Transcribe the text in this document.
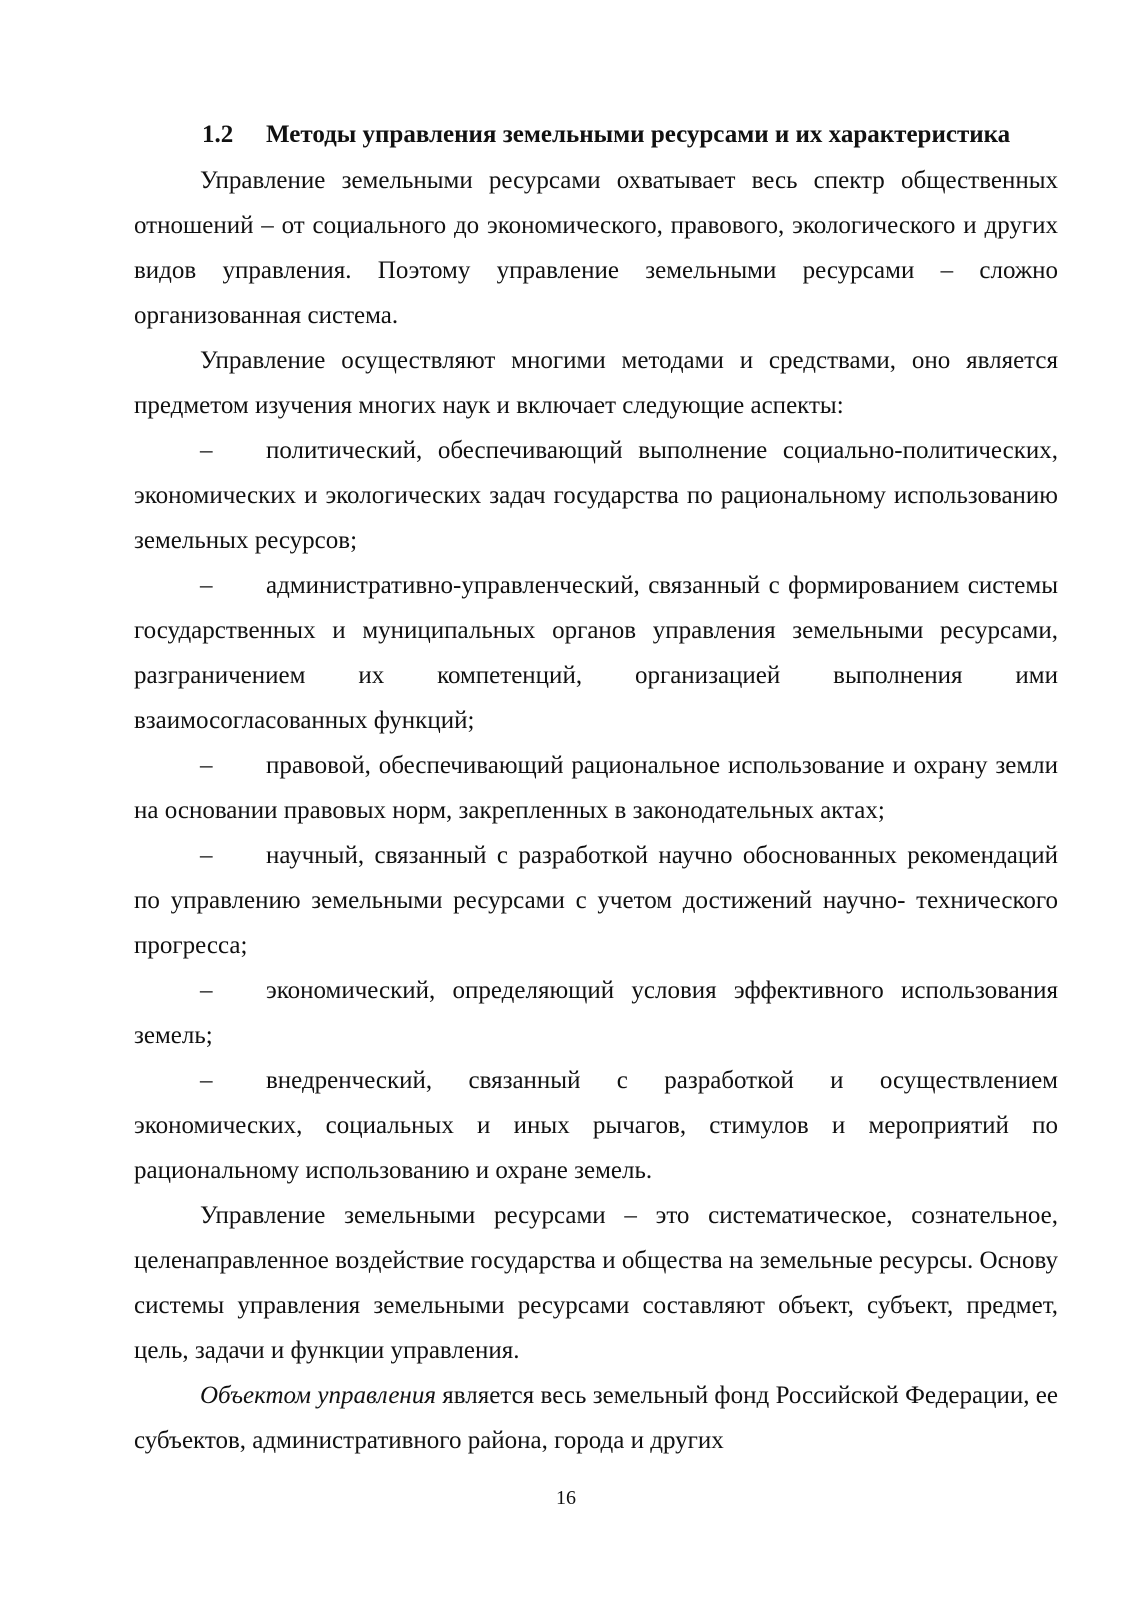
1.2 Методы управления земельными ресурсами и их характеристика

Управление земельными ресурсами охватывает весь спектр общественных отношений – от социального до экономического, правового, экологического и других видов управления. Поэтому управление земельными ресурсами – сложно организованная система.

Управление осуществляют многими методами и средствами, оно является предметом изучения многих наук и включает следующие аспекты:

– политический, обеспечивающий выполнение социально-политических, экономических и экологических задач государства по рациональному использованию земельных ресурсов;

– административно-управленческий, связанный с формированием системы государственных и муниципальных органов управления земельными ресурсами, разграничением их компетенций, организацией выполнения ими взаимосогласованных функций;

– правовой, обеспечивающий рациональное использование и охрану земли на основании правовых норм, закрепленных в законодательных актах;

– научный, связанный с разработкой научно обоснованных рекомендаций по управлению земельными ресурсами с учетом достижений научно- технического прогресса;

– экономический, определяющий условия эффективного использования земель;

– внедренческий, связанный с разработкой и осуществлением экономических, социальных и иных рычагов, стимулов и мероприятий по рациональному использованию и охране земель.

Управление земельными ресурсами – это систематическое, сознательное, целенаправленное воздействие государства и общества на земельные ресурсы. Основу системы управления земельными ресурсами составляют объект, субъект, предмет, цель, задачи и функции управления.

Объектом управления является весь земельный фонд Российской Федерации, ее субъектов, административного района, города и других

16
